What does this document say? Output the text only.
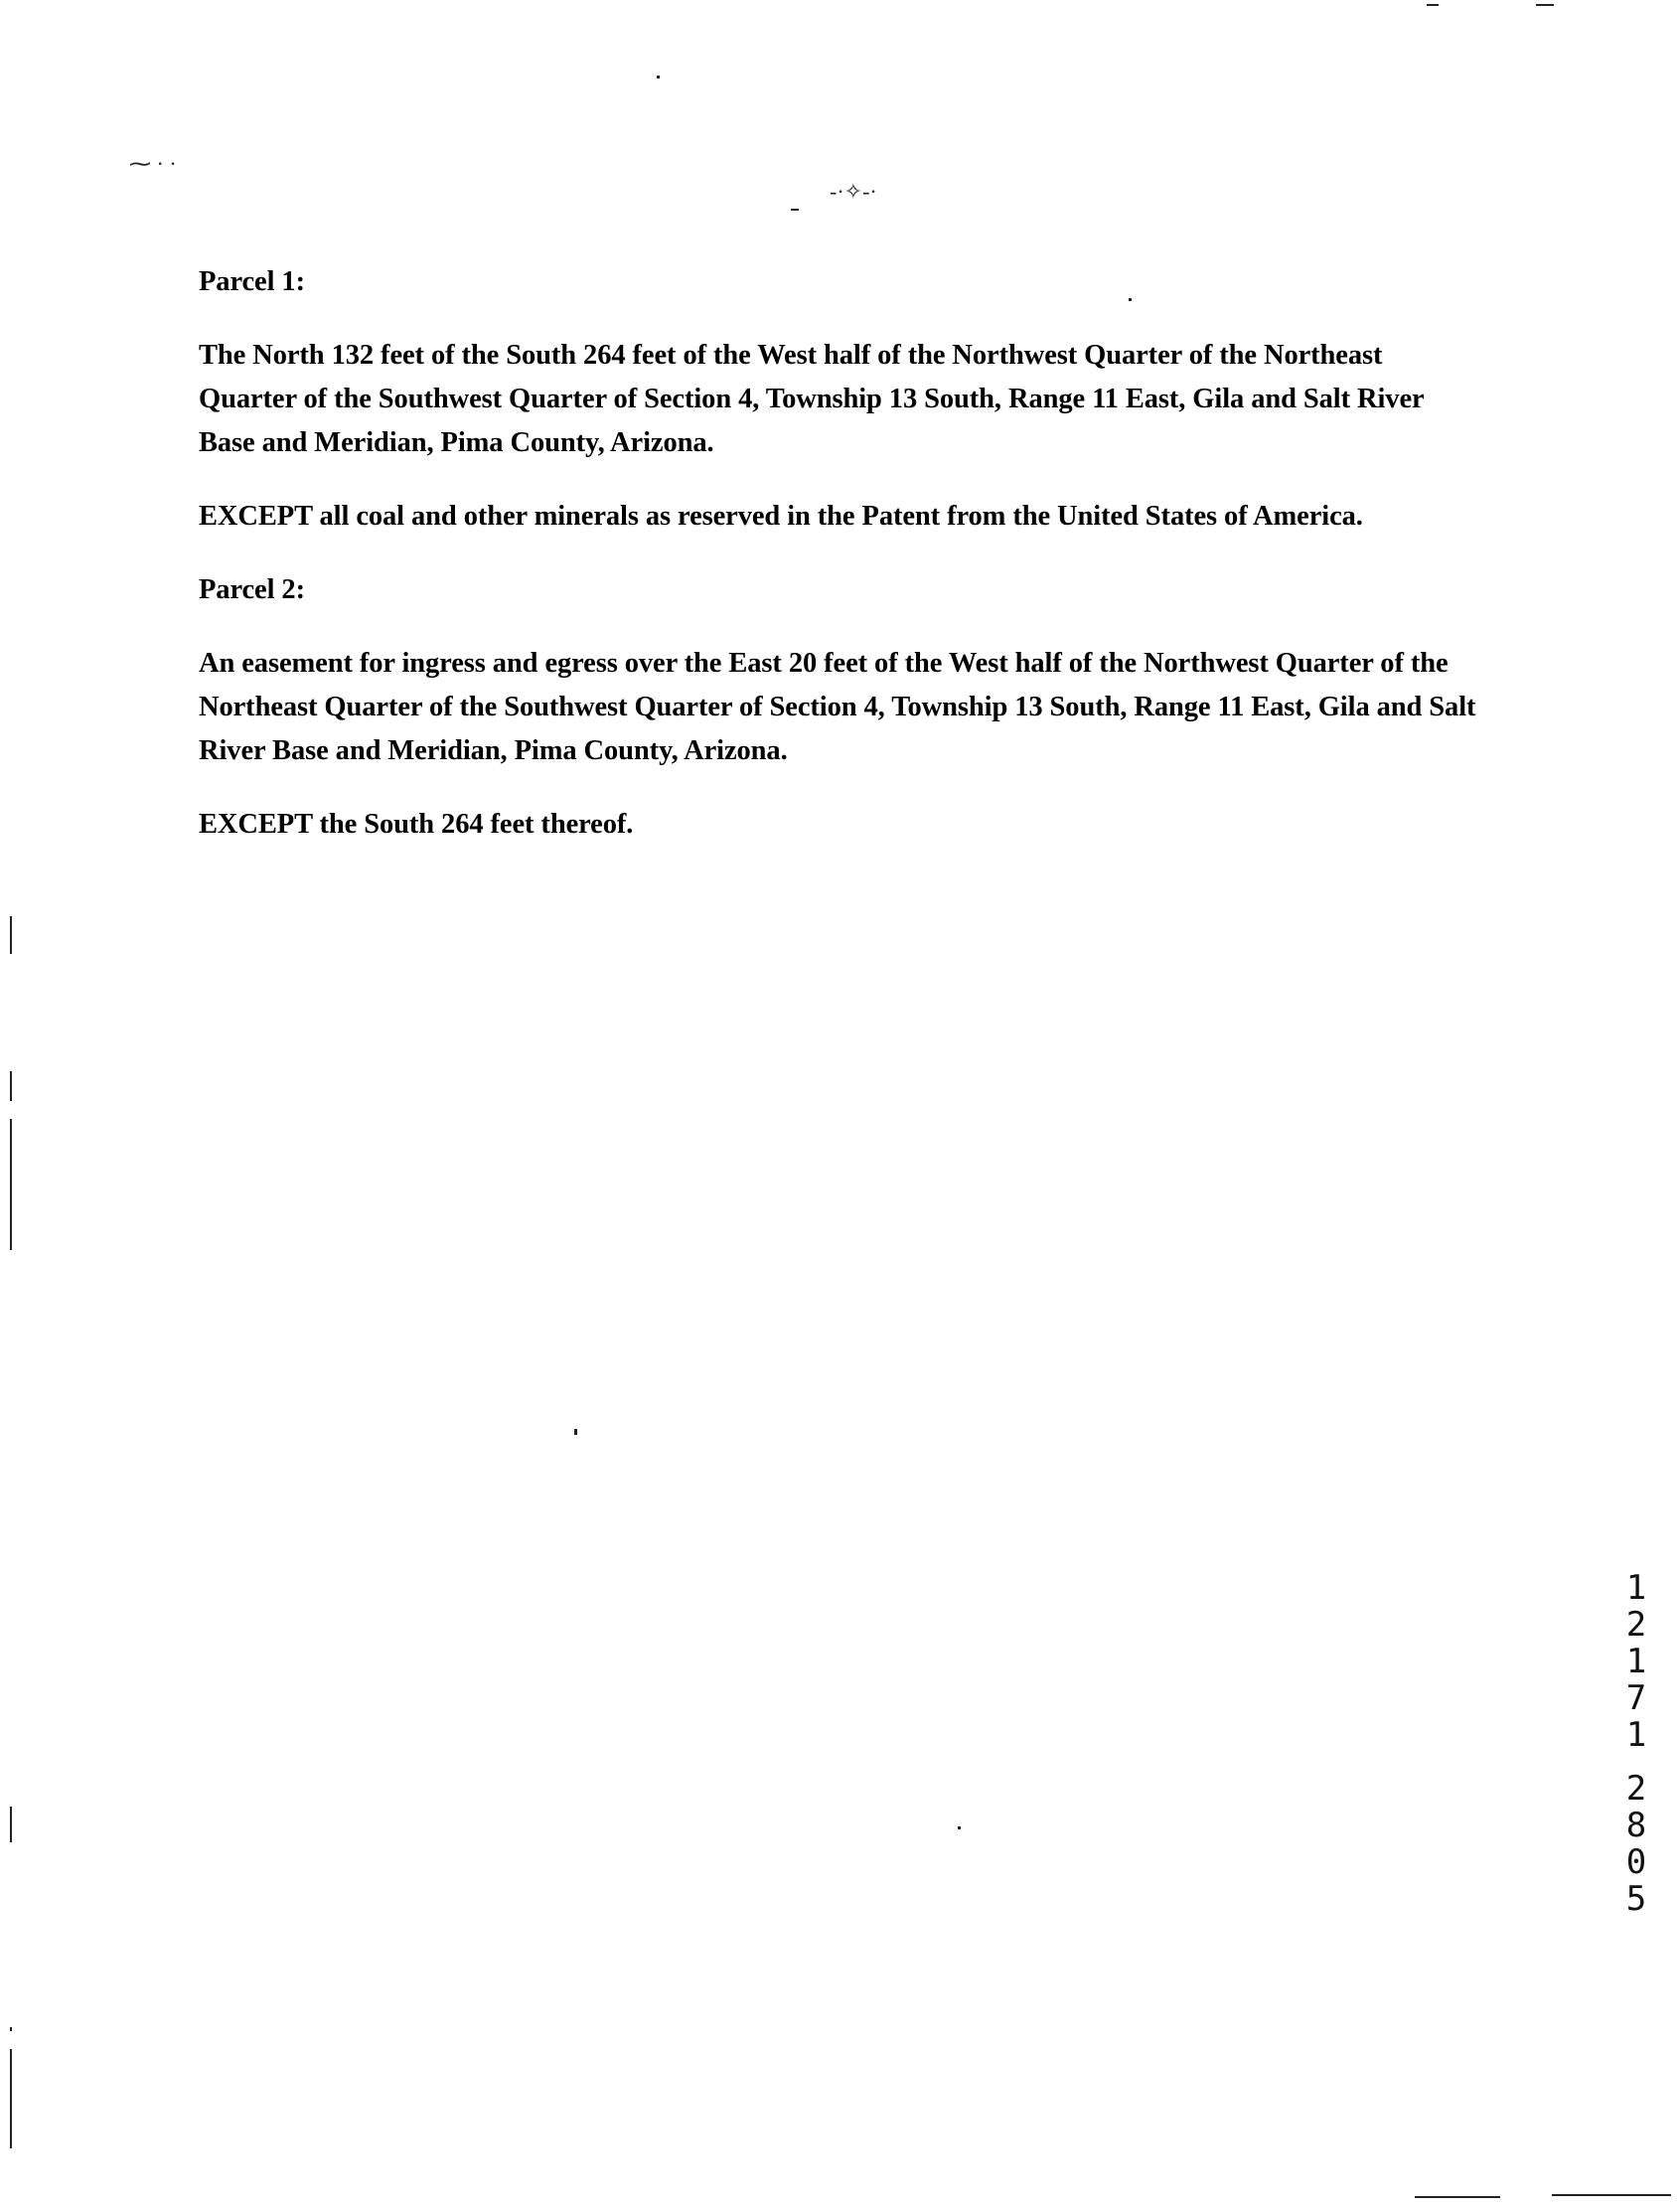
⁓ · ·
-·✧-·

Parcel 1:

The North 132 feet of the South 264 feet of the West half of the Northwest Quarter of the Northeast Quarter of the Southwest Quarter of Section 4, Township 13 South, Range 11 East, Gila and Salt River Base and Meridian, Pima County, Arizona.

EXCEPT all coal and other minerals as reserved in the Patent from the United States of America.

Parcel 2:

An easement for ingress and egress over the East 20 feet of the West half of the Northwest Quarter of the Northeast Quarter of the Southwest Quarter of Section 4, Township 13 South, Range 11 East, Gila and Salt River Base and Meridian, Pima County, Arizona.

EXCEPT the South 264 feet thereof.

1
2
1
7
1
2
8
0
5
